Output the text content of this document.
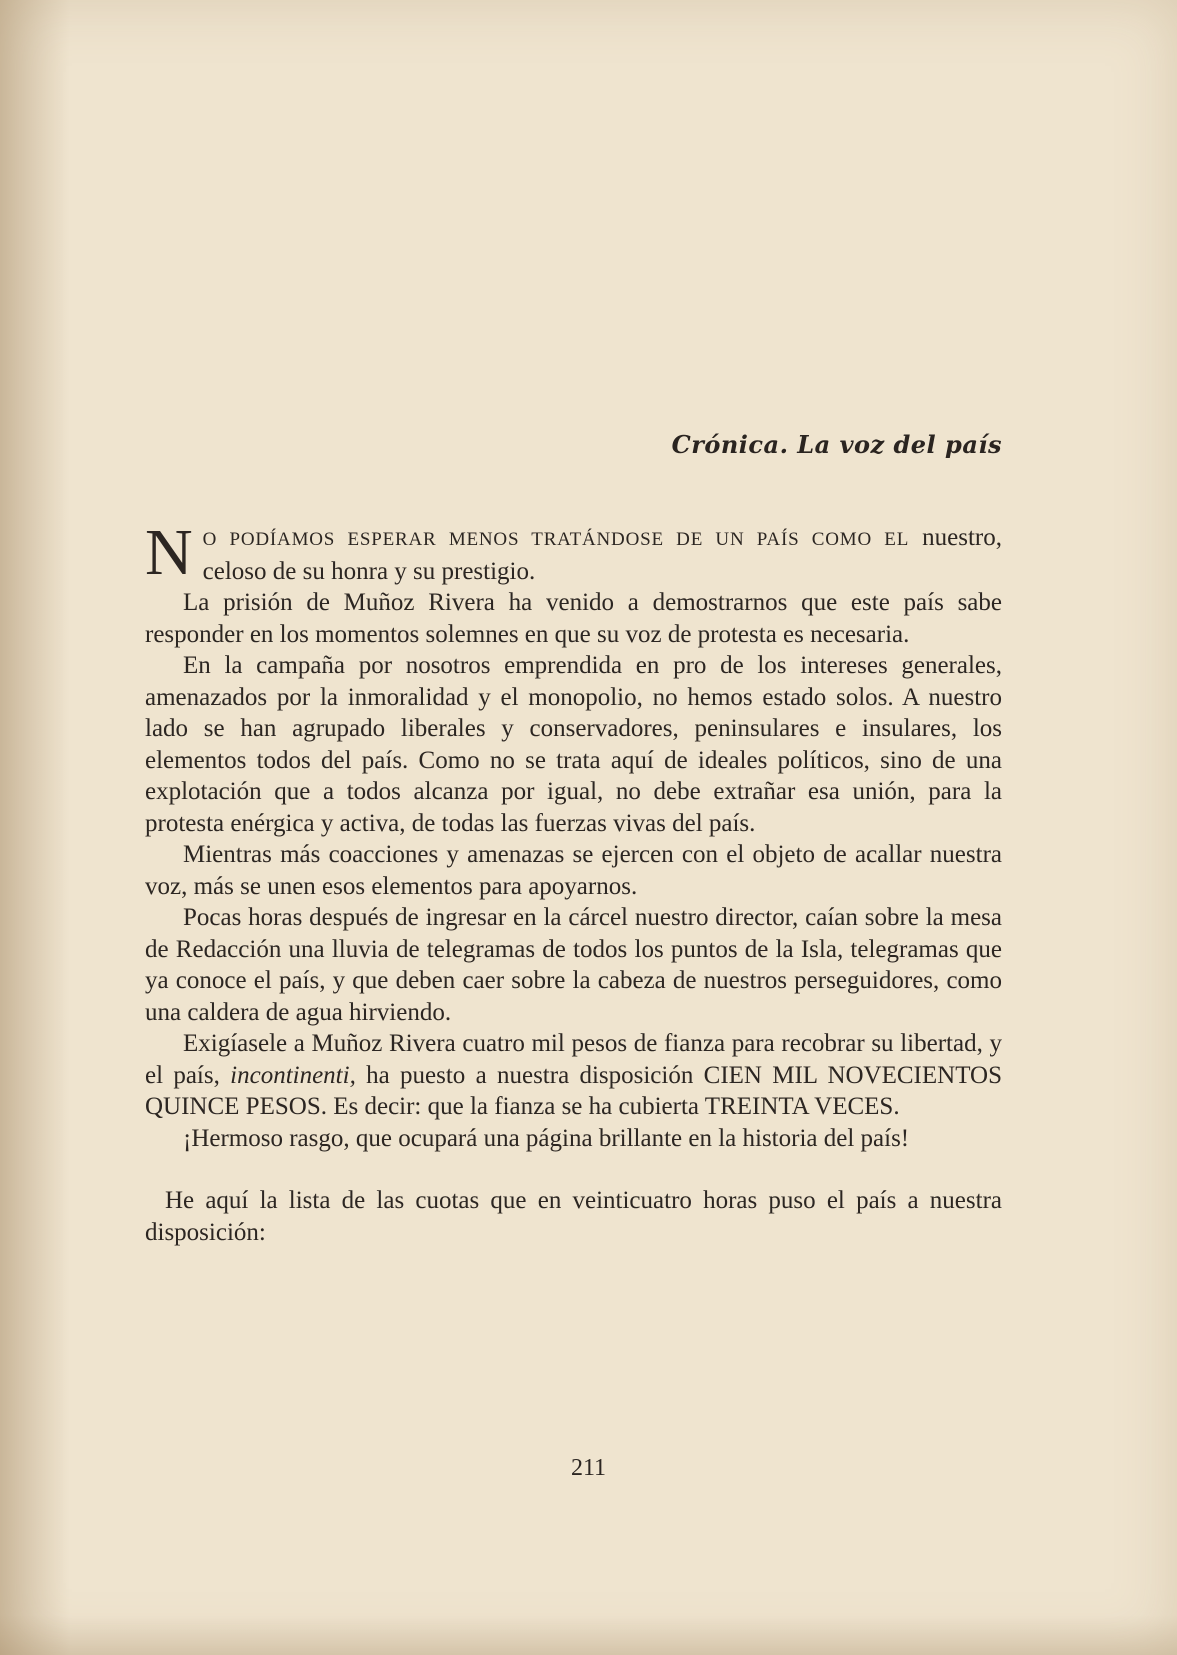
Crónica. La voz del país

N O PODÍAMOS ESPERAR MENOS TRATÁNDOSE DE UN PAÍS COMO EL nuestro, celoso de su honra y su prestigio.

La prisión de Muñoz Rivera ha venido a demostrarnos que este país sabe responder en los momentos solemnes en que su voz de protesta es necesaria.

En la campaña por nosotros emprendida en pro de los intereses generales, amenazados por la inmoralidad y el monopolio, no hemos estado solos. A nuestro lado se han agrupado liberales y conservadores, peninsulares e insulares, los elementos todos del país. Como no se trata aquí de ideales políticos, sino de una explotación que a todos alcanza por igual, no debe extrañar esa unión, para la protesta enérgica y activa, de todas las fuerzas vivas del país.

Mientras más coacciones y amenazas se ejercen con el objeto de acallar nuestra voz, más se unen esos elementos para apoyarnos.

Pocas horas después de ingresar en la cárcel nuestro director, caían sobre la mesa de Redacción una lluvia de telegramas de todos los puntos de la Isla, telegramas que ya conoce el país, y que deben caer sobre la cabeza de nuestros perseguidores, como una caldera de agua hirviendo.

Exigíasele a Muñoz Rivera cuatro mil pesos de fianza para recobrar su libertad, y el país, incontinenti, ha puesto a nuestra disposición CIEN MIL NOVECIENTOS QUINCE PESOS. Es decir: que la fianza se ha cubierta TREINTA VECES.

¡Hermoso rasgo, que ocupará una página brillante en la historia del país!

He aquí la lista de las cuotas que en veinticuatro horas puso el país a nuestra disposición:

211
